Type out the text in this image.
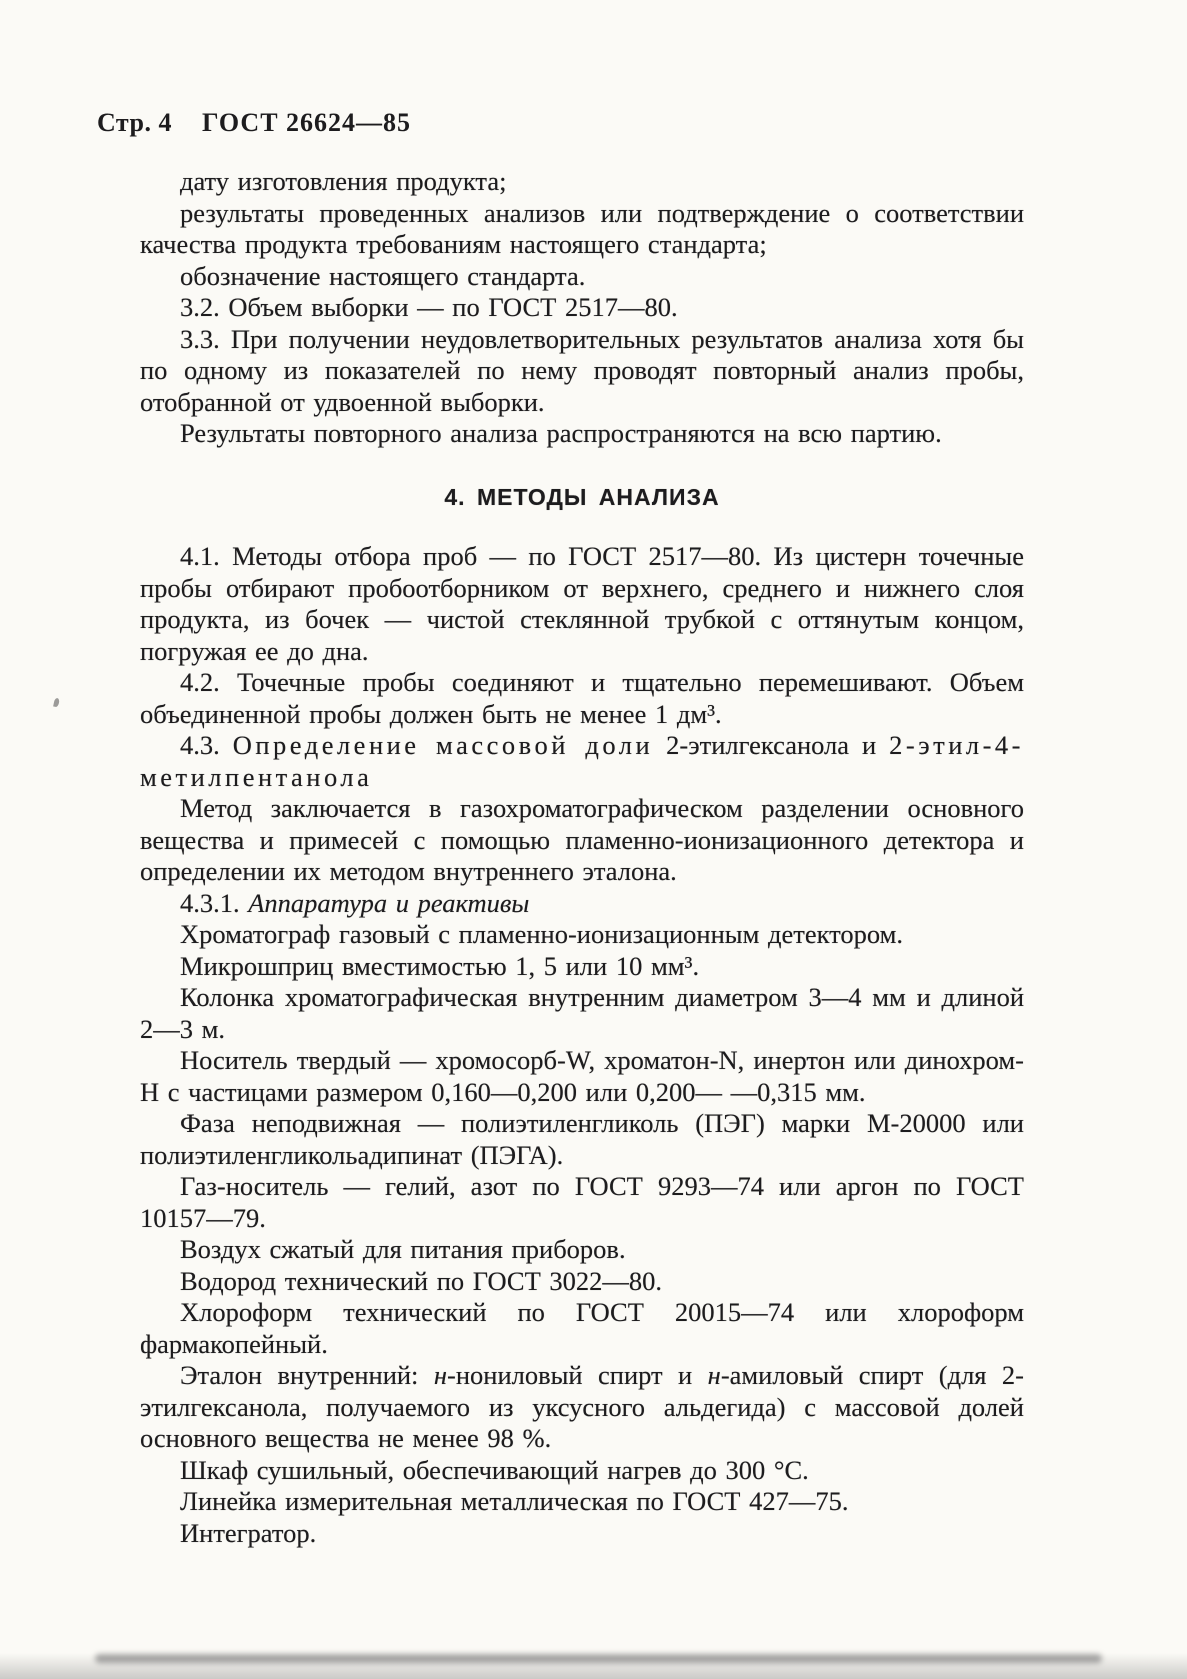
Стр. 4 ГОСТ 26624—85

дату изготовления продукта;

результаты проведенных анализов или подтверждение о соответствии качества продукта требованиям настоящего стандарта;

обозначение настоящего стандарта.

3.2. Объем выборки — по ГОСТ 2517—80.

3.3. При получении неудовлетворительных результатов анализа хотя бы по одному из показателей по нему проводят повторный анализ пробы, отобранной от удвоенной выборки.

Результаты повторного анализа распространяются на всю партию.

4. МЕТОДЫ АНАЛИЗА

4.1. Методы отбора проб — по ГОСТ 2517—80. Из цистерн точечные пробы отбирают пробоотборником от верхнего, среднего и нижнего слоя продукта, из бочек — чистой стеклянной трубкой с оттянутым концом, погружая ее до дна.

4.2. Точечные пробы соединяют и тщательно перемешивают. Объем объединенной пробы должен быть не менее 1 дм³.

4.3. Определение массовой доли 2-этилгексанола и 2-этил-4-метилпентанола

Метод заключается в газохроматографическом разделении основного вещества и примесей с помощью пламенно-ионизационного детектора и определении их методом внутреннего эталона.

4.3.1. Аппаратура и реактивы

Хроматограф газовый с пламенно-ионизационным детектором.

Микрошприц вместимостью 1, 5 или 10 мм³.

Колонка хроматографическая внутренним диаметром 3—4 мм и длиной 2—3 м.

Носитель твердый — хромосорб-W, хроматон-N, инертон или динохром-Н с частицами размером 0,160—0,200 или 0,200— —0,315 мм.

Фаза неподвижная — полиэтиленгликоль (ПЭГ) марки М-20000 или полиэтиленгликольадипинат (ПЭГА).

Газ-носитель — гелий, азот по ГОСТ 9293—74 или аргон по ГОСТ 10157—79.

Воздух сжатый для питания приборов.

Водород технический по ГОСТ 3022—80.

Хлороформ технический по ГОСТ 20015—74 или хлороформ фармакопейный.

Эталон внутренний: н-нониловый спирт и н-амиловый спирт (для 2-этилгексанола, получаемого из уксусного альдегида) с массовой долей основного вещества не менее 98 %.

Шкаф сушильный, обеспечивающий нагрев до 300 °С.

Линейка измерительная металлическая по ГОСТ 427—75.

Интегратор.
